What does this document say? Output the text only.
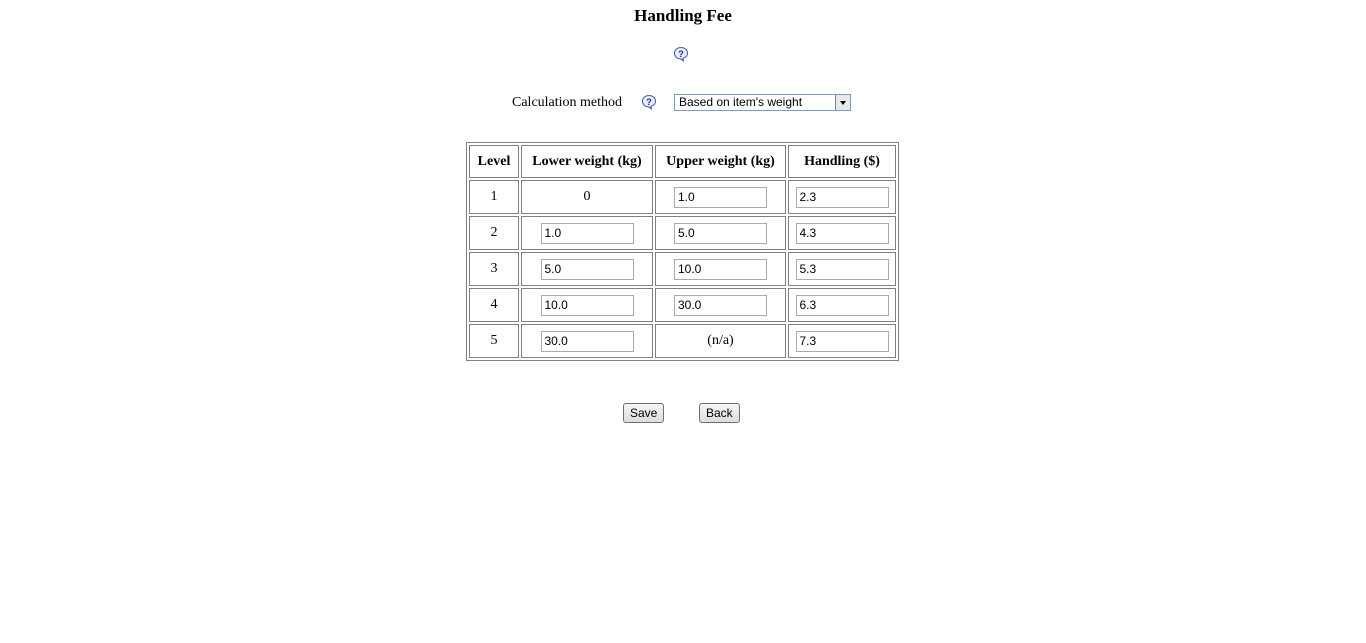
Handling Fee
?
Calculation method	?	Based on item's weight
Level	Lower weight (kg)	Upper weight (kg)	Handling ($)
1	0	1.0	2.3
2	1.0	5.0	4.3
3	5.0	10.0	5.3
4	10.0	30.0	6.3
5	30.0	(n/a)	7.3
Save	Back
